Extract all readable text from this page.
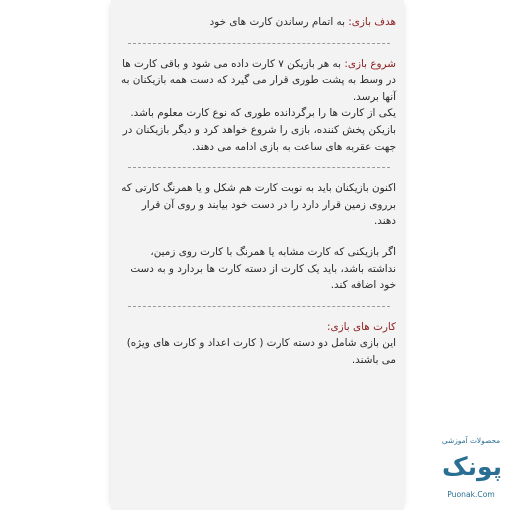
هدف بازی: به اتمام رساندن کارت های خود

شروع بازی: به هر بازیکن ۷ کارت داده می شود و باقی کارت ها در وسط به پشت طوری قرار می گیرد که دست همه بازیکنان به آنها برسد.

یکی از کارت ها را برگردانده طوری که نوع کارت معلوم باشد.

بازیکن پخش کننده، بازی را شروع خواهد کرد و دیگر بازیکنان در جهت عقربه های ساعت به بازی ادامه می دهند.

اکنون بازیکنان باید به نوبت کارت هم شکل و یا همرنگ کارتی که برروی زمین قرار دارد را در دست خود بیابند و روی آن قرار دهند.

اگر بازیکنی که کارت مشابه یا همرنگ با کارت روی زمین، نداشته باشد، باید یک کارت از دسته کارت ها بردارد و به دست خود اضافه کند.

کارت های بازی:

این بازی شامل دو دسته کارت ( کارت اعداد و کارت های ویژه) می باشند.

محصولات آموزشی
پونک
Puonak.Com
